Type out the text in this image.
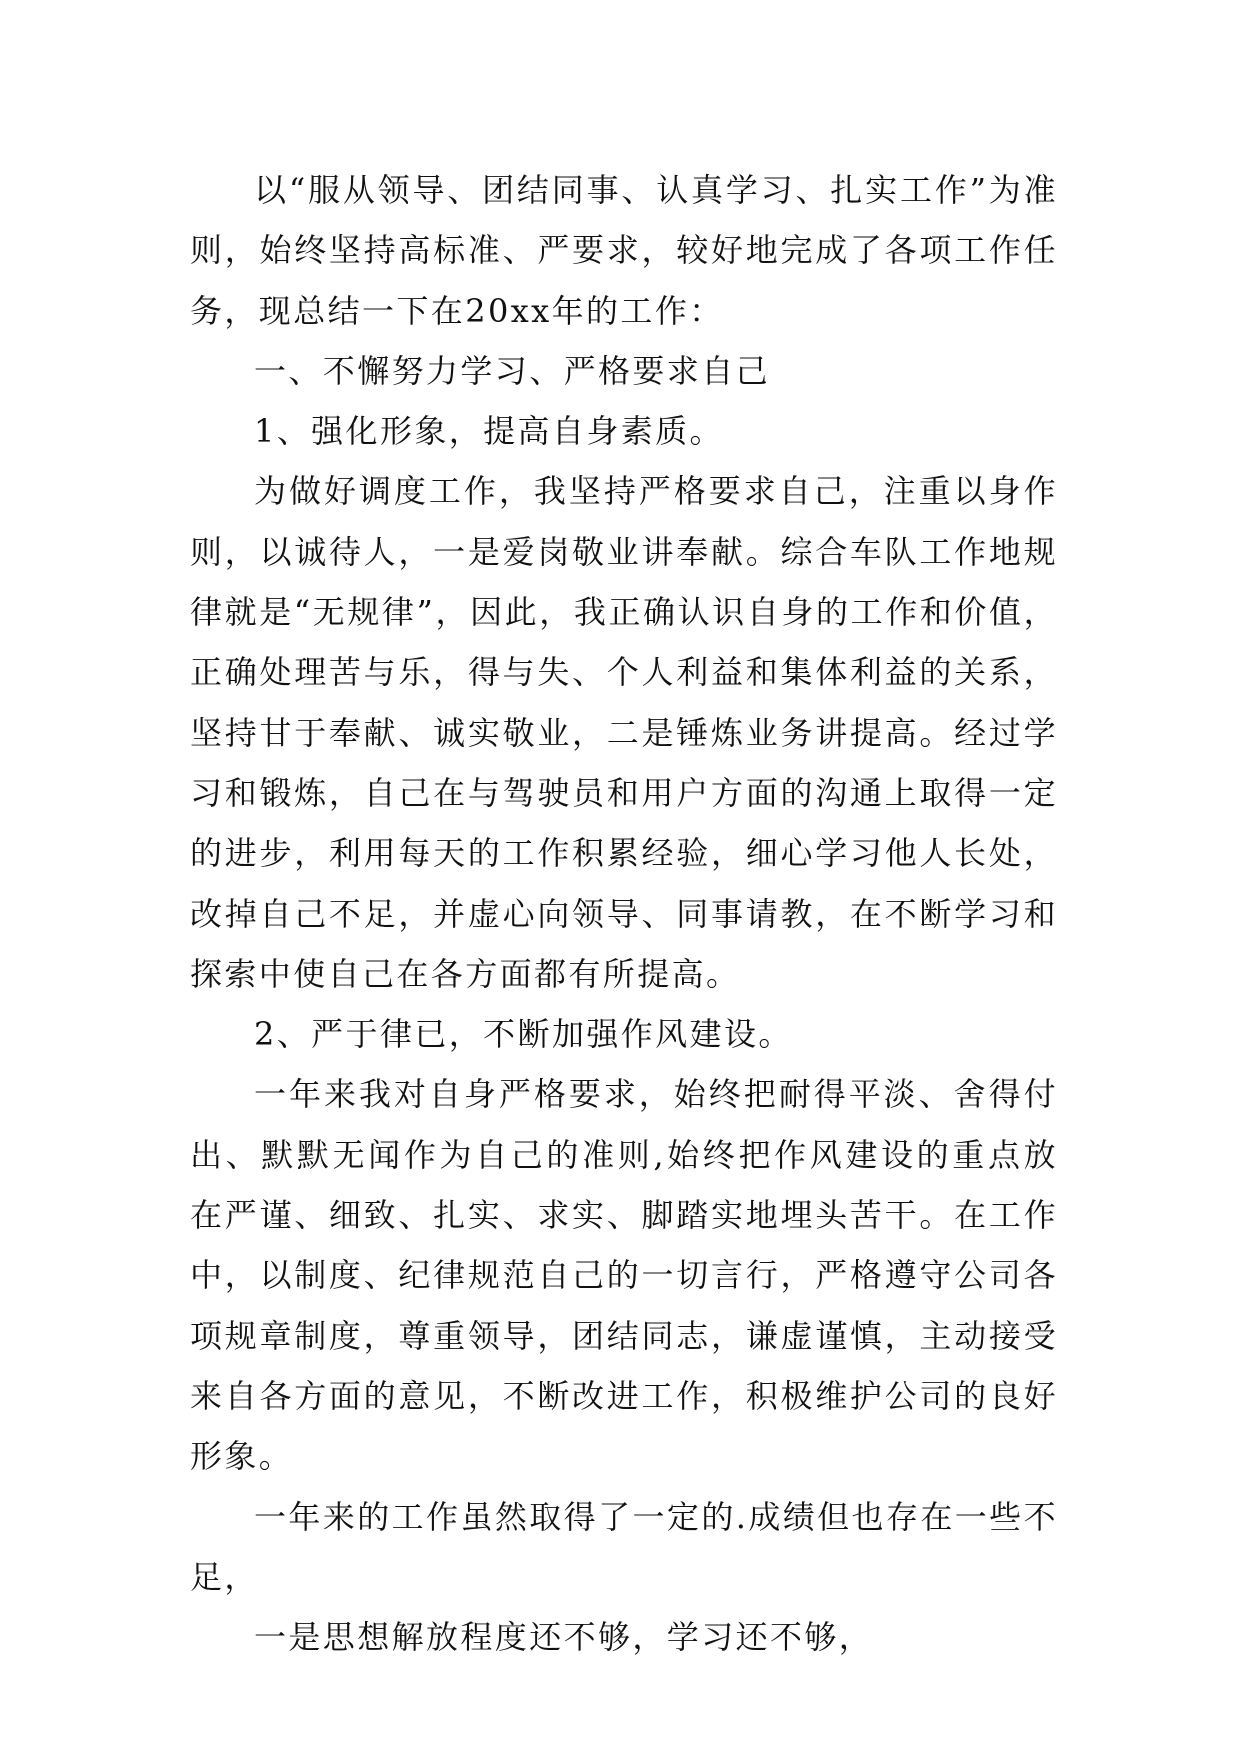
以“服从领导、团结同事、认真学习、扎实工作”为准则，始终坚持高标准、严要求，较好地完成了各项工作任务，现总结一下在20xx年的工作：

一、不懈努力学习、严格要求自己

1、强化形象，提高自身素质。

为做好调度工作，我坚持严格要求自己，注重以身作则，以诚待人，一是爱岗敬业讲奉献。综合车队工作地规律就是“无规律”，因此，我正确认识自身的工作和价值，正确处理苦与乐，得与失、个人利益和集体利益的关系，坚持甘于奉献、诚实敬业，二是锤炼业务讲提高。经过学习和锻炼，自己在与驾驶员和用户方面的沟通上取得一定的进步，利用每天的工作积累经验，细心学习他人长处，改掉自己不足，并虚心向领导、同事请教，在不断学习和探索中使自己在各方面都有所提高。

2、严于律已，不断加强作风建设。

一年来我对自身严格要求，始终把耐得平淡、舍得付出、默默无闻作为自己的准则,始终把作风建设的重点放在严谨、细致、扎实、求实、脚踏实地埋头苦干。在工作中，以制度、纪律规范自己的一切言行，严格遵守公司各项规章制度，尊重领导，团结同志，谦虚谨慎，主动接受来自各方面的意见，不断改进工作，积极维护公司的良好形象。

一年来的工作虽然取得了一定的.成绩但也存在一些不足，

一是思想解放程度还不够，学习还不够，
